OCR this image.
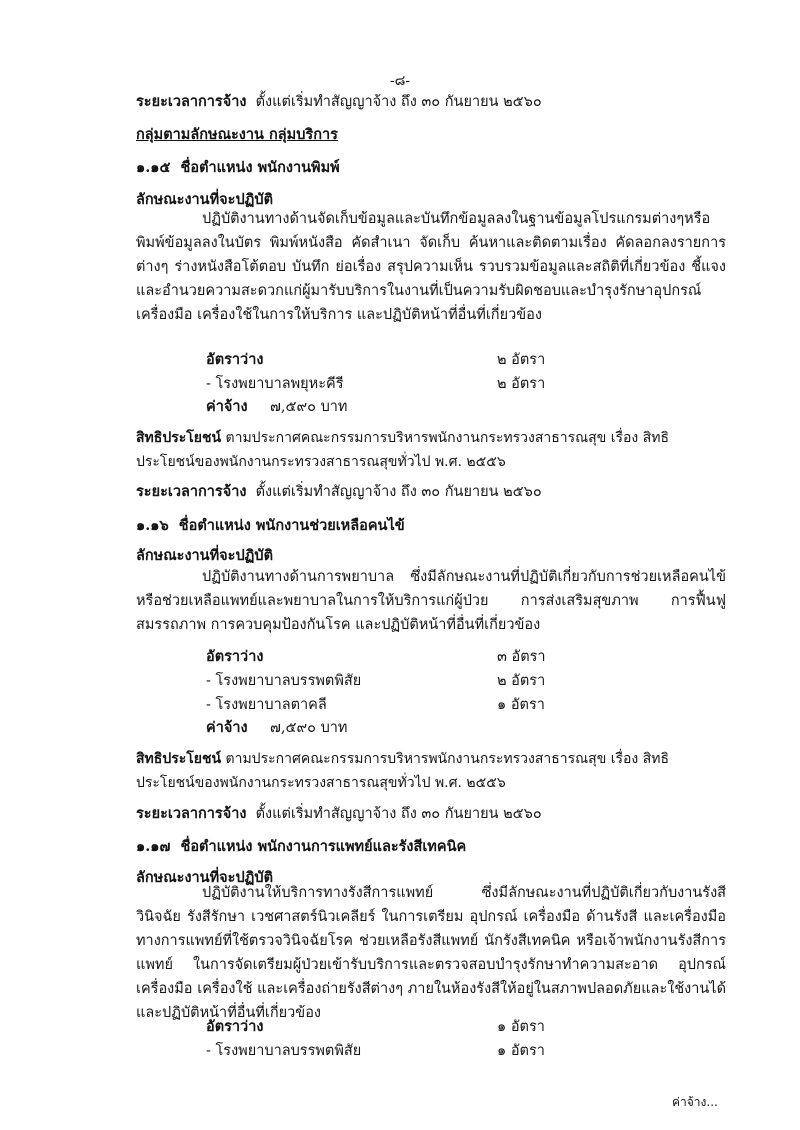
-๘-
ระยะเวลาการจ้าง ตั้งแต่เริ่มทำสัญญาจ้าง ถึง ๓๐ กันยายน ๒๕๖๐
กลุ่มตามลักษณะงาน กลุ่มบริการ
๑.๑๕ ชื่อตำแหน่ง พนักงานพิมพ์
ลักษณะงานที่จะปฏิบัติ
ปฏิบัติงานทางด้านจัดเก็บข้อมูลและบันทึกข้อมูลลงในฐานข้อมูลโปรแกรมต่างๆหรือพิมพ์ข้อมูลลงในบัตร พิมพ์หนังสือ คัดสำเนา จัดเก็บ ค้นหาและติดตามเรื่อง คัดลอกลงรายการต่างๆ ร่างหนังสือโต้ตอบ บันทึก ย่อเรื่อง สรุปความเห็น รวบรวมข้อมูลและสถิติที่เกี่ยวข้อง ชี้แจงและอำนวยความสะดวกแก่ผู้มารับบริการในงานที่เป็นความรับผิดชอบและบำรุงรักษาอุปกรณ์ เครื่องมือ เครื่องใช้ในการให้บริการ และปฏิบัติหน้าที่อื่นที่เกี่ยวข้อง
อัตราว่าง	๒ อัตรา
- โรงพยาบาลพยุหะคีรี	๒ อัตรา
ค่าจ้าง ๗,๕๙๐ บาท
สิทธิประโยชน์ ตามประกาศคณะกรรมการบริหารพนักงานกระทรวงสาธารณสุข เรื่อง สิทธิประโยชน์ของพนักงานกระทรวงสาธารณสุขทั่วไป พ.ศ. ๒๕๕๖
ระยะเวลาการจ้าง ตั้งแต่เริ่มทำสัญญาจ้าง ถึง ๓๐ กันยายน ๒๕๖๐
๑.๑๖ ชื่อตำแหน่ง พนักงานช่วยเหลือคนไข้
ลักษณะงานที่จะปฏิบัติ
ปฏิบัติงานทางด้านการพยาบาล ซึ่งมีลักษณะงานที่ปฏิบัติเกี่ยวกับการช่วยเหลือคนไข้หรือช่วยเหลือแพทย์และพยาบาลในการให้บริการแก่ผู้ป่วย การส่งเสริมสุขภาพ การฟื้นฟูสมรรถภาพ การควบคุมป้องกันโรค และปฏิบัติหน้าที่อื่นที่เกี่ยวข้อง
อัตราว่าง	๓ อัตรา
- โรงพยาบาลบรรพตพิสัย	๒ อัตรา
- โรงพยาบาลตาคลี	๑ อัตรา
ค่าจ้าง ๗,๕๙๐ บาท
สิทธิประโยชน์ ตามประกาศคณะกรรมการบริหารพนักงานกระทรวงสาธารณสุข เรื่อง สิทธิประโยชน์ของพนักงานกระทรวงสาธารณสุขทั่วไป พ.ศ. ๒๕๕๖
ระยะเวลาการจ้าง ตั้งแต่เริ่มทำสัญญาจ้าง ถึง ๓๐ กันยายน ๒๕๖๐
๑.๑๗ ชื่อตำแหน่ง พนักงานการแพทย์และรังสีเทคนิค
ลักษณะงานที่จะปฏิบัติ
ปฏิบัติงานให้บริการทางรังสีการแพทย์ ซึ่งมีลักษณะงานที่ปฏิบัติเกี่ยวกับงานรังสีวินิจฉัย รังสีรักษา เวชศาสตร์นิวเคลียร์ ในการเตรียม อุปกรณ์ เครื่องมือ ด้านรังสี และเครื่องมือทางการแพทย์ที่ใช้ตรวจวินิจฉัยโรค ช่วยเหลือรังสีแพทย์ นักรังสีเทคนิค หรือเจ้าพนักงานรังสีการแพทย์ ในการจัดเตรียมผู้ป่วยเข้ารับบริการและตรวจสอบบำรุงรักษาทำความสะอาด อุปกรณ์ เครื่องมือ เครื่องใช้ และเครื่องถ่ายรังสีต่างๆ ภายในห้องรังสีให้อยู่ในสภาพปลอดภัยและใช้งานได้ และปฏิบัติหน้าที่อื่นที่เกี่ยวข้อง
อัตราว่าง	๑ อัตรา
- โรงพยาบาลบรรพตพิสัย	๑ อัตรา
ค่าจ้าง...
